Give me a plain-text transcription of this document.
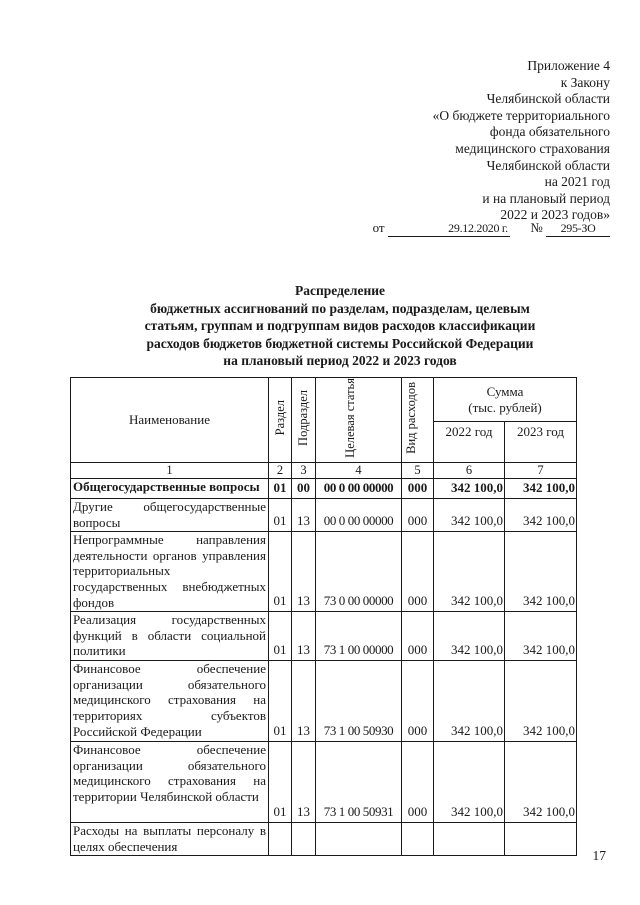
Приложение 4
к Закону
Челябинской области
«О бюджете территориального
фонда обязательного
медицинского страхования
Челябинской области
на 2021 год
и на плановый период
2022 и 2023 годов»
от	29.12.2020 г. № 295-ЗО
Распределение
бюджетных ассигнований по разделам, подразделам, целевым
статьям, группам и подгруппам видов расходов классификации
расходов бюджетов бюджетной системы Российской Федерации
на плановый период 2022 и 2023 годов
Наименование	Раздел	Подраздел	Целевая статья	Вид расходов	Сумма
(тыс. рублей)	
					2022 год	2023 год
1	2	3	4	5	6	7
Общегосударственные вопросы	01	00	00 0 00 00000	000	342 100,0	342 100,0
Другие общегосударственные вопросы	01	13	00 0 00 00000	000	342 100,0	342 100,0
Непрограммные направления деятельности органов управления территориальных государственных внебюджетных фондов	01	13	73 0 00 00000	000	342 100,0	342 100,0
Реализация государственных функций в области социальной политики	01	13	73 1 00 00000	000	342 100,0	342 100,0
Финансовое обеспечение организации обязательного медицинского страхования на территориях субъектов Российской Федерации	01	13	73 1 00 50930	000	342 100,0	342 100,0
Финансовое обеспечение организации обязательного медицинского страхования на территории Челябинской области	01	13	73 1 00 50931	000	342 100,0	342 100,0
Расходы на выплаты персоналу в целях обеспечения						
17
